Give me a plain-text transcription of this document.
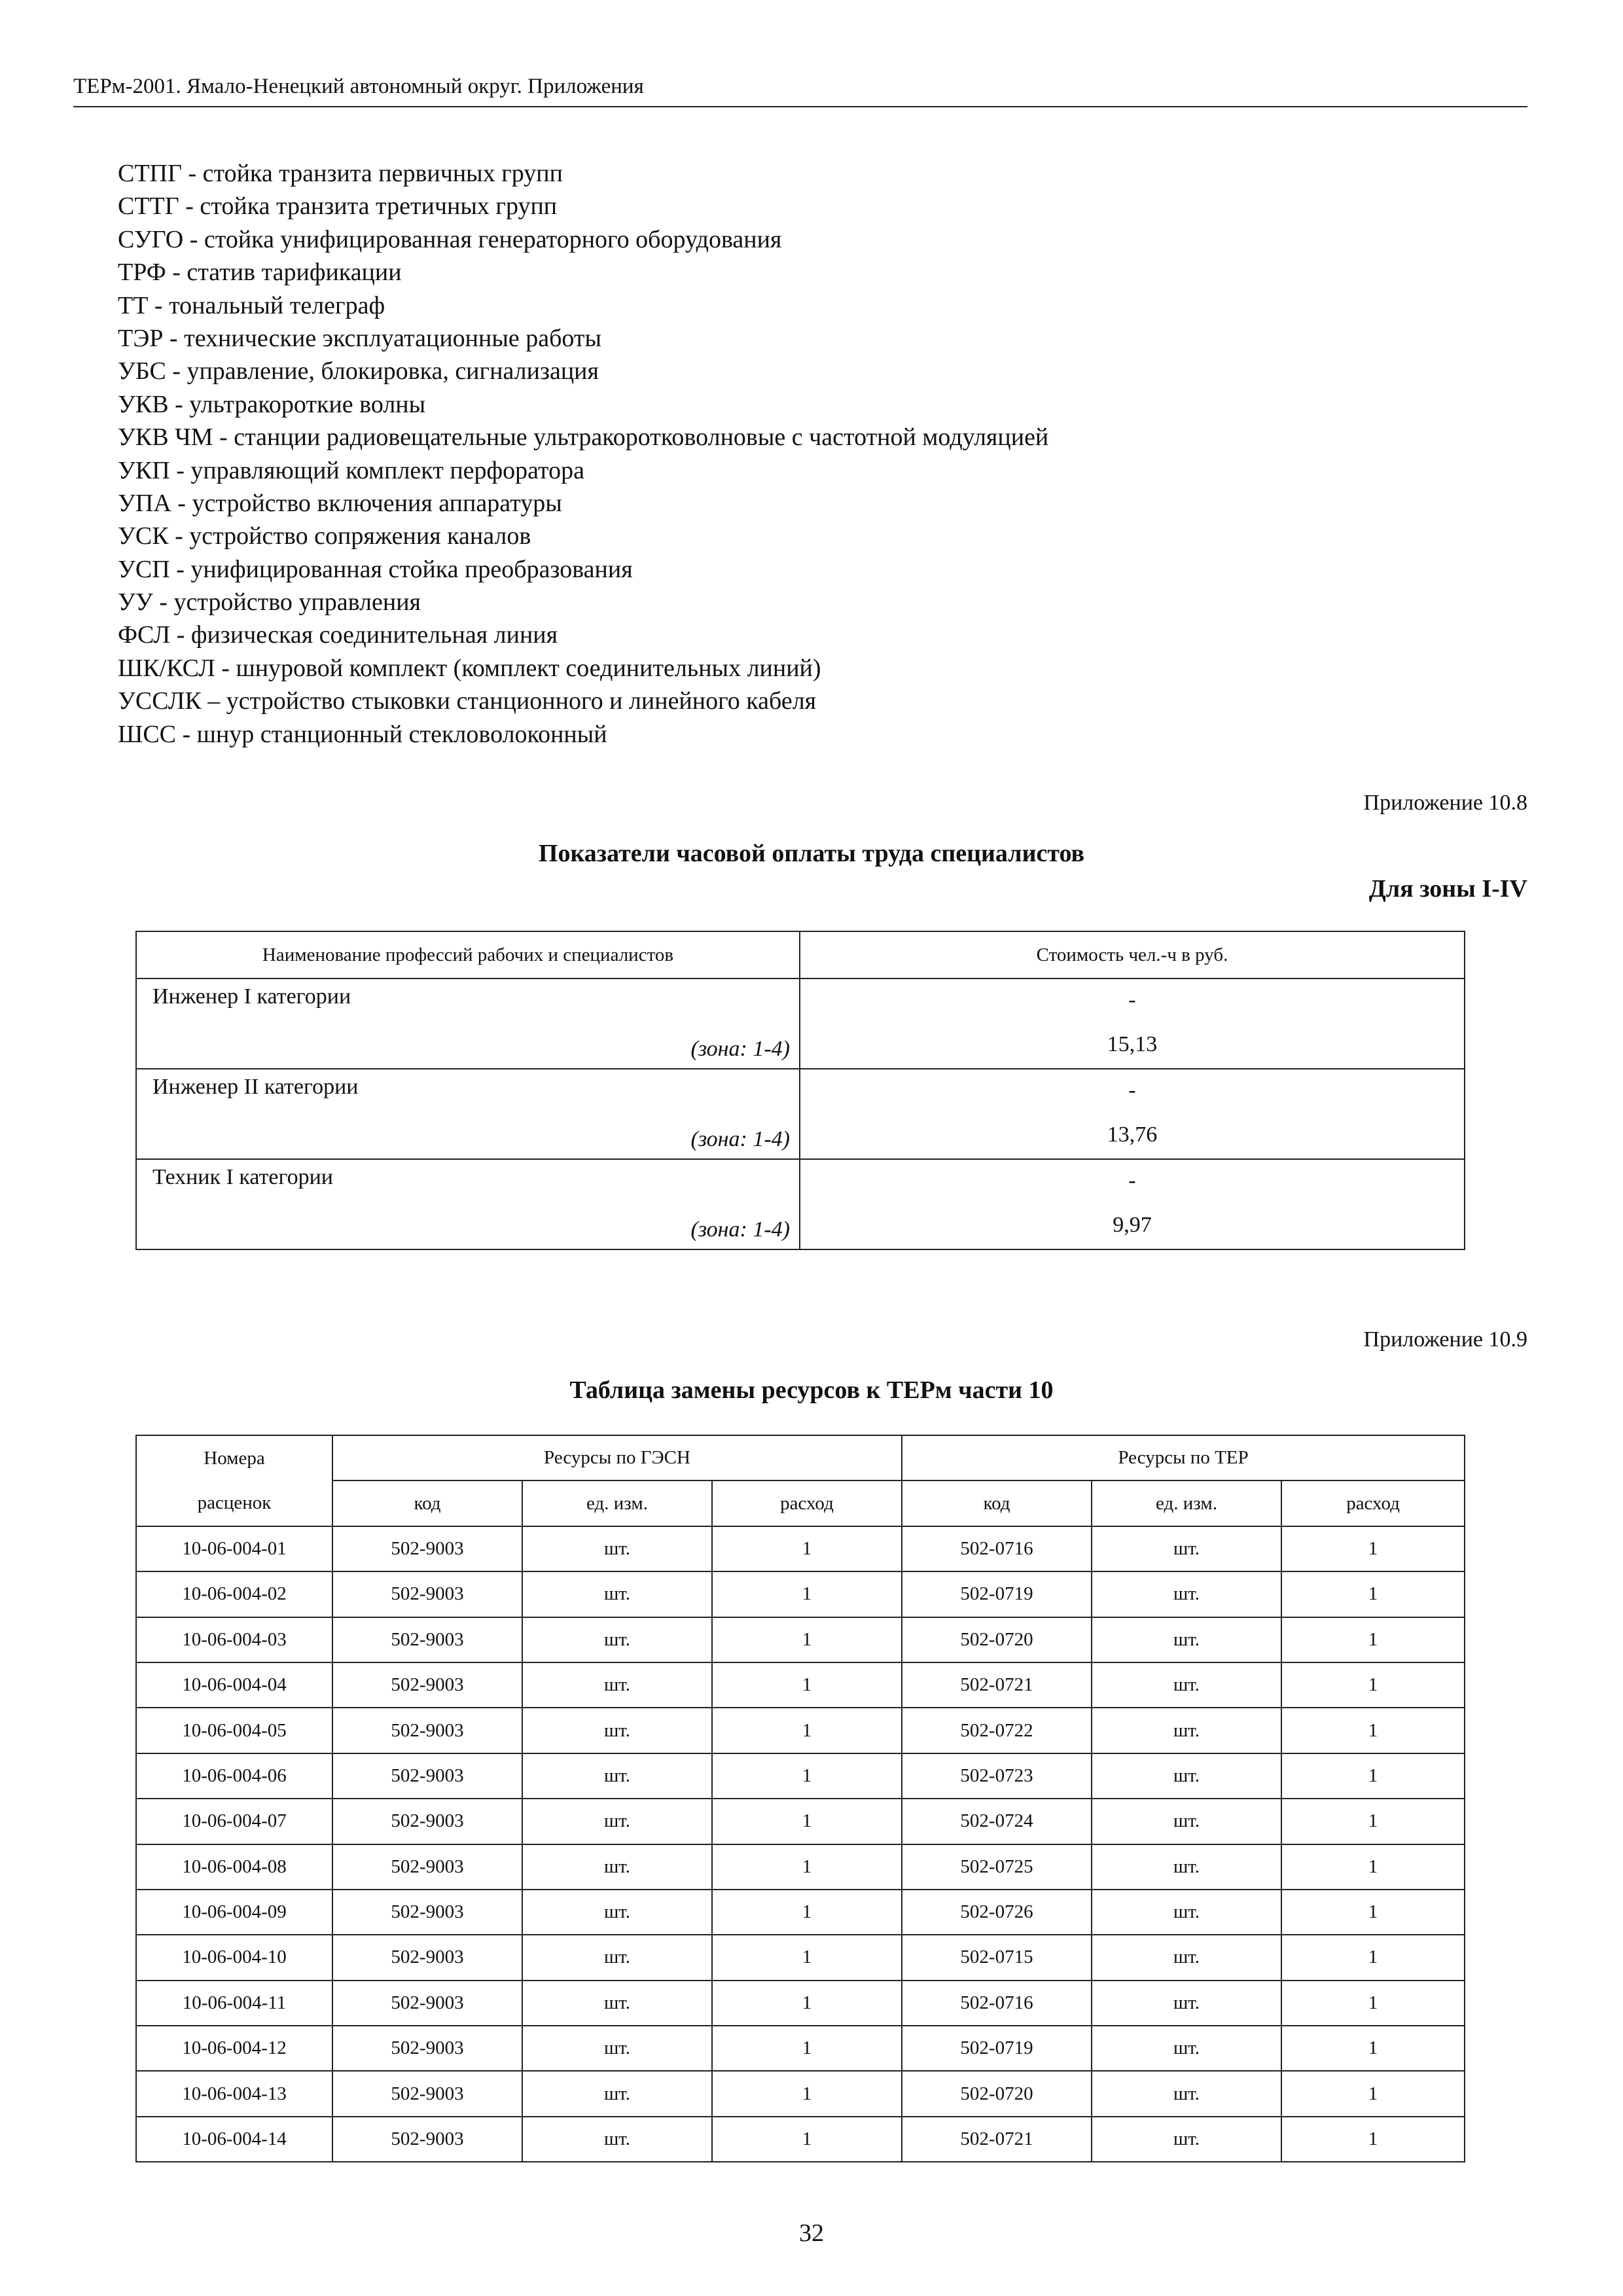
ТЕРм-2001. Ямало-Ненецкий автономный округ. Приложения
СТПГ - стойка транзита первичных групп
СТТГ - стойка транзита третичных групп
СУГО - стойка унифицированная генераторного оборудования
ТРФ - статив тарификации
ТТ - тональный телеграф
ТЭР - технические эксплуатационные работы
УБС - управление, блокировка, сигнализация
УКВ - ультракороткие волны
УКВ ЧМ - станции радиовещательные ультракоротковолновые с частотной модуляцией
УКП - управляющий комплект перфоратора
УПА - устройство включения аппаратуры
УСК - устройство сопряжения каналов
УСП - унифицированная стойка преобразования
УУ - устройство управления
ФСЛ - физическая соединительная линия
ШК/КСЛ - шнуровой комплект (комплект соединительных линий)
УССЛК – устройство стыковки станционного и линейного кабеля
ШСС - шнур станционный стекловолоконный
Приложение 10.8
Показатели часовой оплаты труда специалистов
Для зоны I-IV
Наименование профессий рабочих и специалистов	Стоимость чел.-ч в руб.

Инженер I категории
(зона: 1-4)	-
15,13

Инженер II категории
(зона: 1-4)	-
13,76

Техник I категории
(зона: 1-4)	-
9,97
Приложение 10.9
Таблица замены ресурсов к ТЕРм части 10
Номера	Ресурсы по ГЭСН			Ресурсы по ТЕР		
расценок	код	ед. изм.	расход	код	ед. изм.	расход
10-06-004-01	502-9003	шт.	1	502-0716	шт.	1
10-06-004-02	502-9003	шт.	1	502-0719	шт.	1
10-06-004-03	502-9003	шт.	1	502-0720	шт.	1
10-06-004-04	502-9003	шт.	1	502-0721	шт.	1
10-06-004-05	502-9003	шт.	1	502-0722	шт.	1
10-06-004-06	502-9003	шт.	1	502-0723	шт.	1
10-06-004-07	502-9003	шт.	1	502-0724	шт.	1
10-06-004-08	502-9003	шт.	1	502-0725	шт.	1
10-06-004-09	502-9003	шт.	1	502-0726	шт.	1
10-06-004-10	502-9003	шт.	1	502-0715	шт.	1
10-06-004-11	502-9003	шт.	1	502-0716	шт.	1
10-06-004-12	502-9003	шт.	1	502-0719	шт.	1
10-06-004-13	502-9003	шт.	1	502-0720	шт.	1
10-06-004-14	502-9003	шт.	1	502-0721	шт.	1
32
